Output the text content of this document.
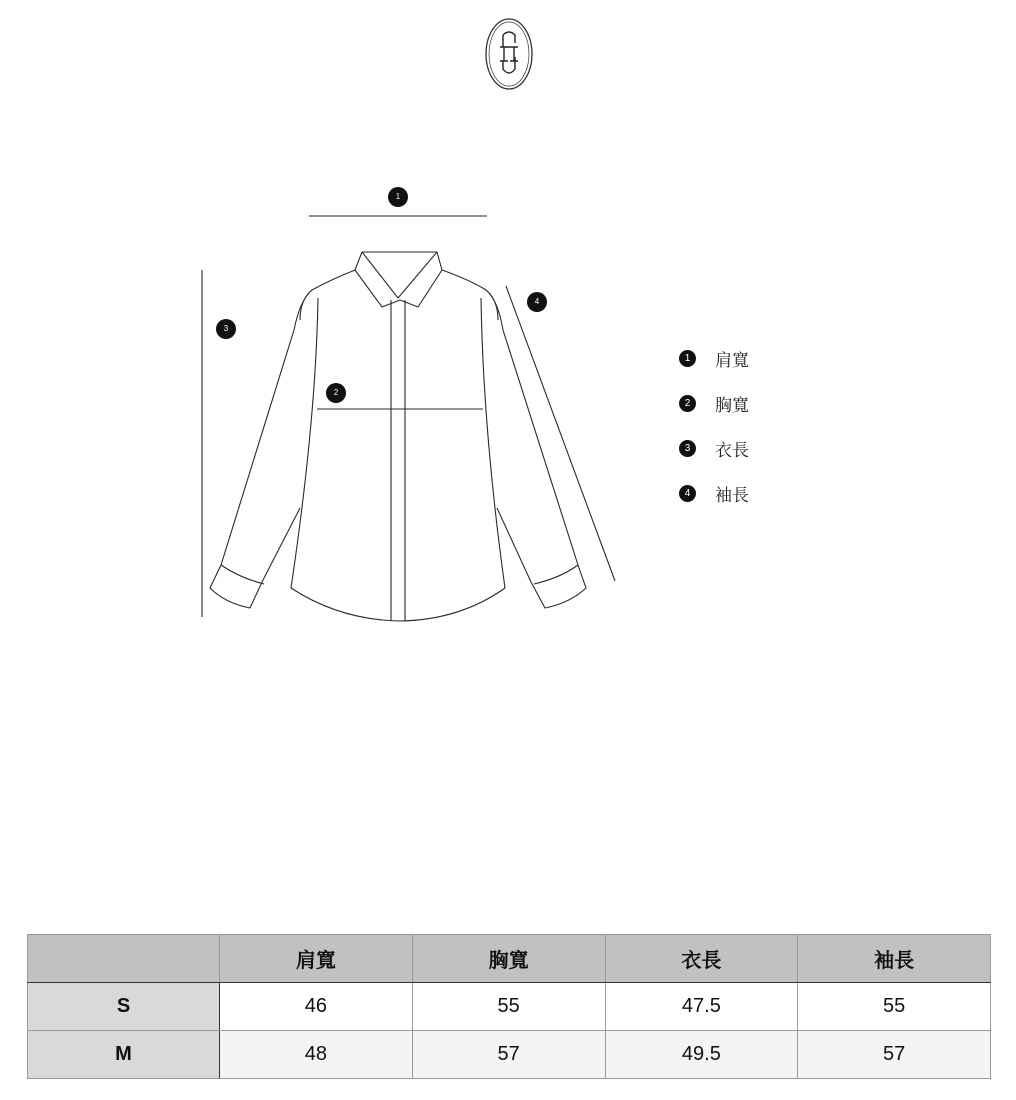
1
2
3
4
1	肩寬
2	胸寬
3	衣長
4	袖長
	肩寬	胸寬	衣長	袖長
S	46	55	47.5	55
M	48	57	49.5	57
